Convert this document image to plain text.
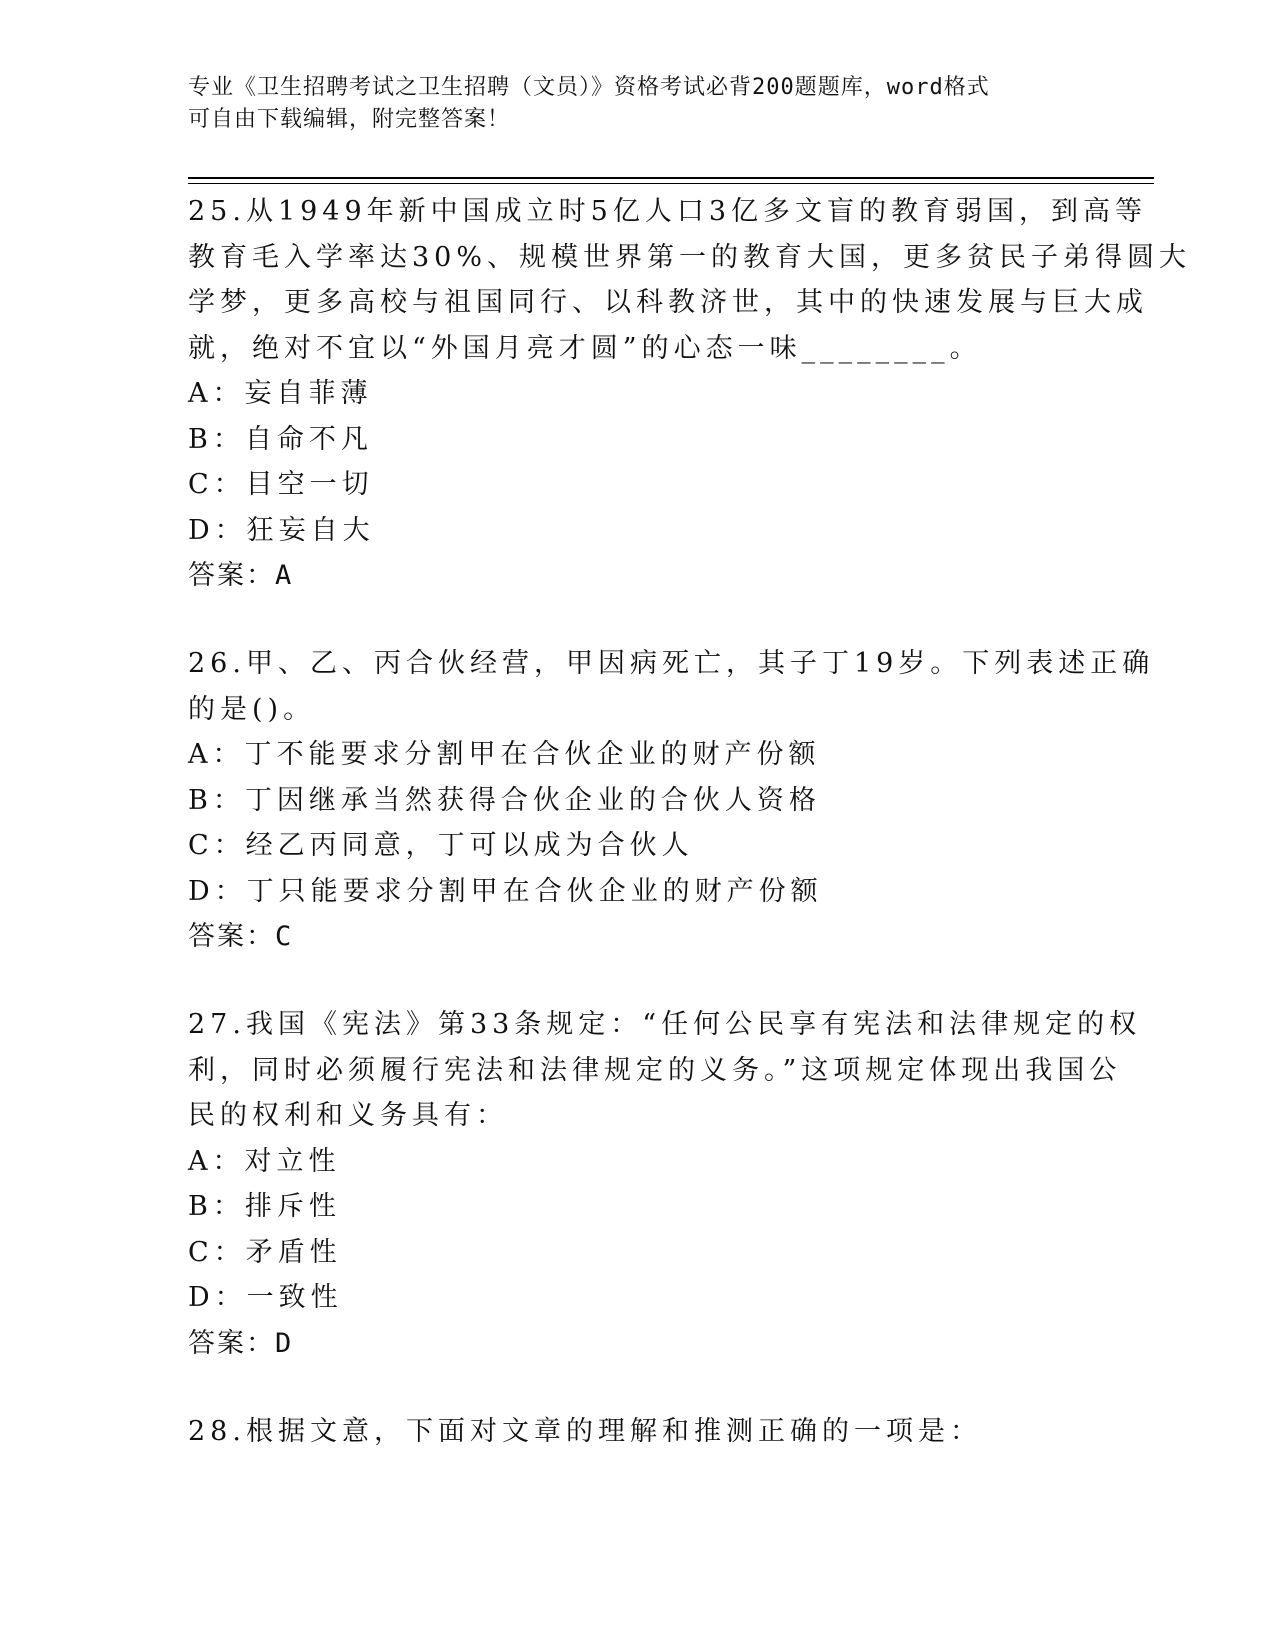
专业《卫生招聘考试之卫生招聘（文员）》资格考试必背200题题库，word格式
可自由下载编辑，附完整答案！
25.从1949年新中国成立时5亿人口3亿多文盲的教育弱国，到高等
教育毛入学率达30%、规模世界第一的教育大国，更多贫民子弟得圆大
学梦，更多高校与祖国同行、以科教济世，其中的快速发展与巨大成
就，绝对不宜以“外国月亮才圆”的心态一味________。
A：妄自菲薄
B：自命不凡
C：目空一切
D：狂妄自大
答案：A
26.甲、乙、丙合伙经营，甲因病死亡，其子丁19岁。下列表述正确
的是()。
A：丁不能要求分割甲在合伙企业的财产份额
B：丁因继承当然获得合伙企业的合伙人资格
C：经乙丙同意，丁可以成为合伙人
D：丁只能要求分割甲在合伙企业的财产份额
答案：C
27.我国《宪法》第33条规定：“任何公民享有宪法和法律规定的权
利，同时必须履行宪法和法律规定的义务。”这项规定体现出我国公
民的权利和义务具有：
A：对立性
B：排斥性
C：矛盾性
D：一致性
答案：D
28.根据文意，下面对文章的理解和推测正确的一项是：
